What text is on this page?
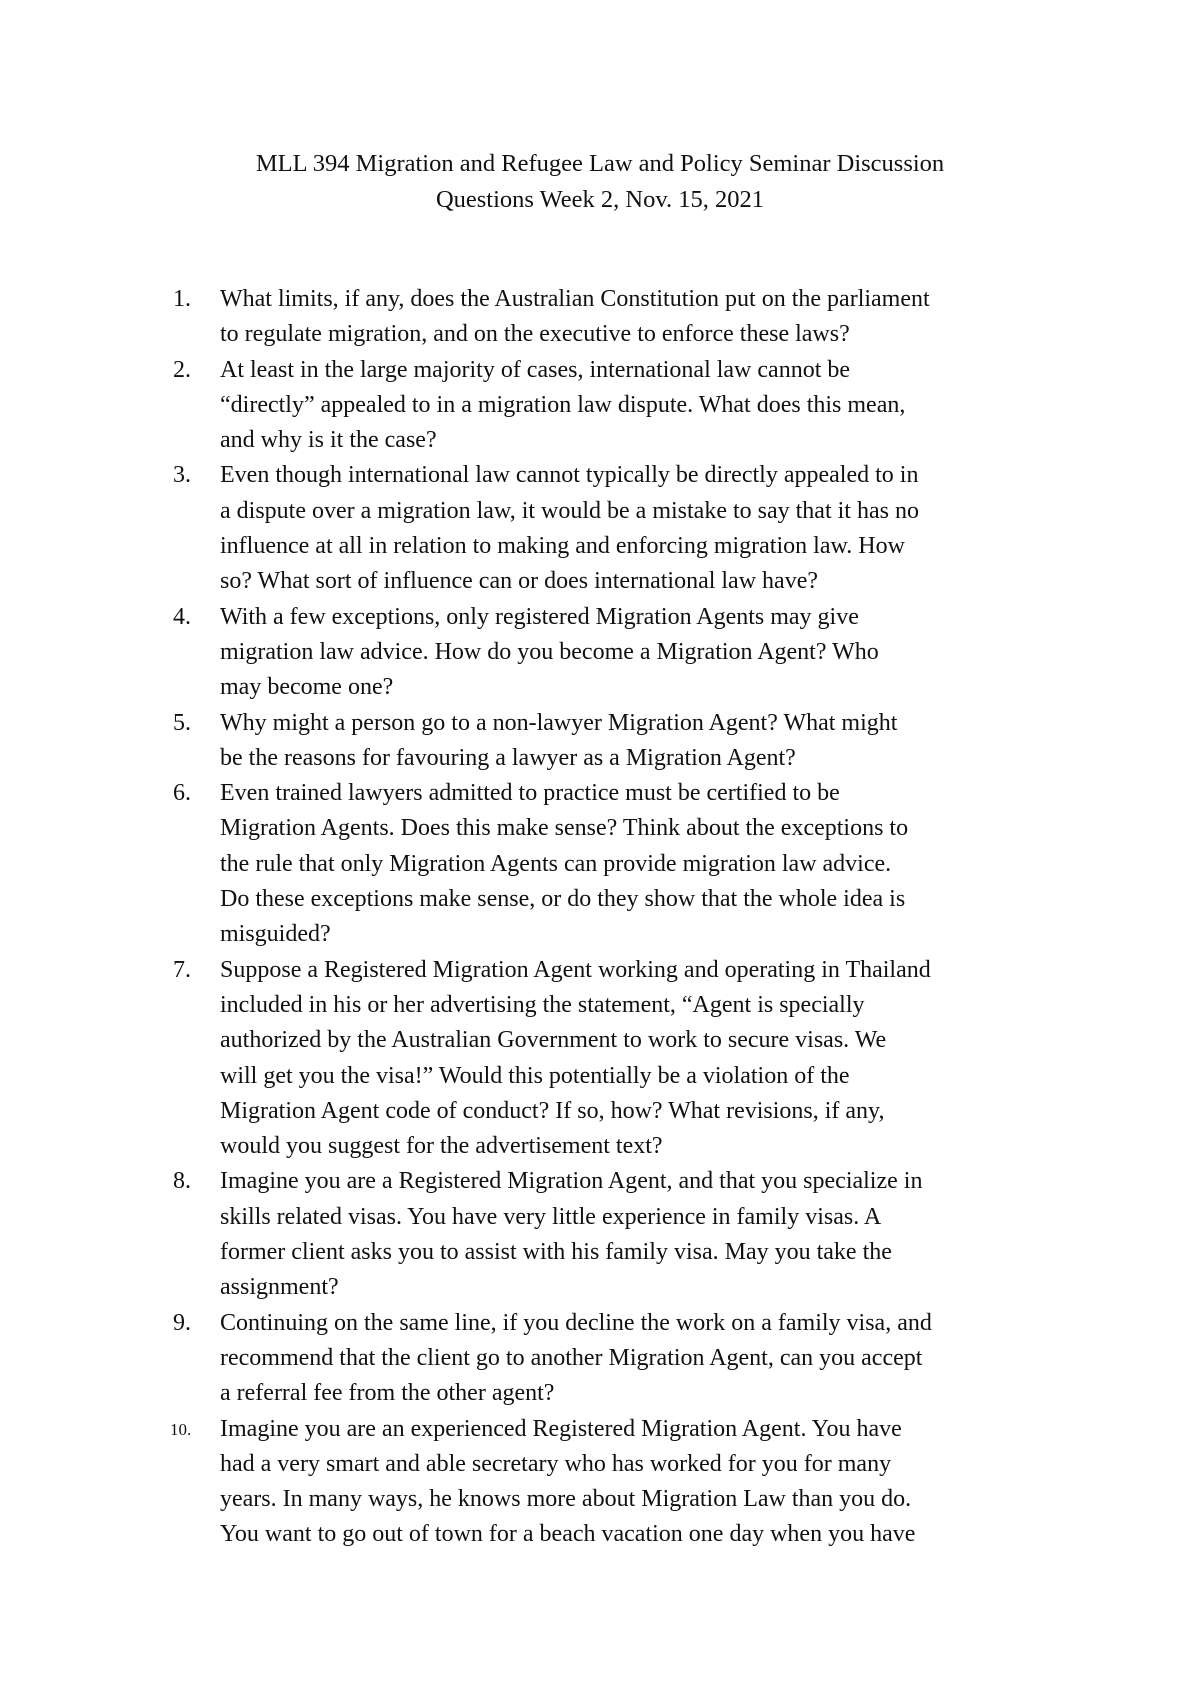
MLL 394 Migration and Refugee Law and Policy Seminar Discussion
Questions Week 2, Nov. 15, 2021
1.	What limits, if any, does the Australian Constitution put on the parliament
to regulate migration, and on the executive to enforce these laws?
2.	At least in the large majority of cases, international law cannot be
“directly” appealed to in a migration law dispute. What does this mean,
and why is it the case?
3.	Even though international law cannot typically be directly appealed to in
a dispute over a migration law, it would be a mistake to say that it has no
influence at all in relation to making and enforcing migration law. How
so? What sort of influence can or does international law have?
4.	With a few exceptions, only registered Migration Agents may give
migration law advice. How do you become a Migration Agent? Who
may become one?
5.	Why might a person go to a non-lawyer Migration Agent? What might
be the reasons for favouring a lawyer as a Migration Agent?
6.	Even trained lawyers admitted to practice must be certified to be
Migration Agents. Does this make sense? Think about the exceptions to
the rule that only Migration Agents can provide migration law advice.
Do these exceptions make sense, or do they show that the whole idea is
misguided?
7.	Suppose a Registered Migration Agent working and operating in Thailand
included in his or her advertising the statement, “Agent is specially
authorized by the Australian Government to work to secure visas. We
will get you the visa!” Would this potentially be a violation of the
Migration Agent code of conduct? If so, how? What revisions, if any,
would you suggest for the advertisement text?
8.	Imagine you are a Registered Migration Agent, and that you specialize in
skills related visas. You have very little experience in family visas. A
former client asks you to assist with his family visa. May you take the
assignment?
9.	Continuing on the same line, if you decline the work on a family visa, and
recommend that the client go to another Migration Agent, can you accept
a referral fee from the other agent?
10.	Imagine you are an experienced Registered Migration Agent. You have
had a very smart and able secretary who has worked for you for many
years. In many ways, he knows more about Migration Law than you do.
You want to go out of town for a beach vacation one day when you have
